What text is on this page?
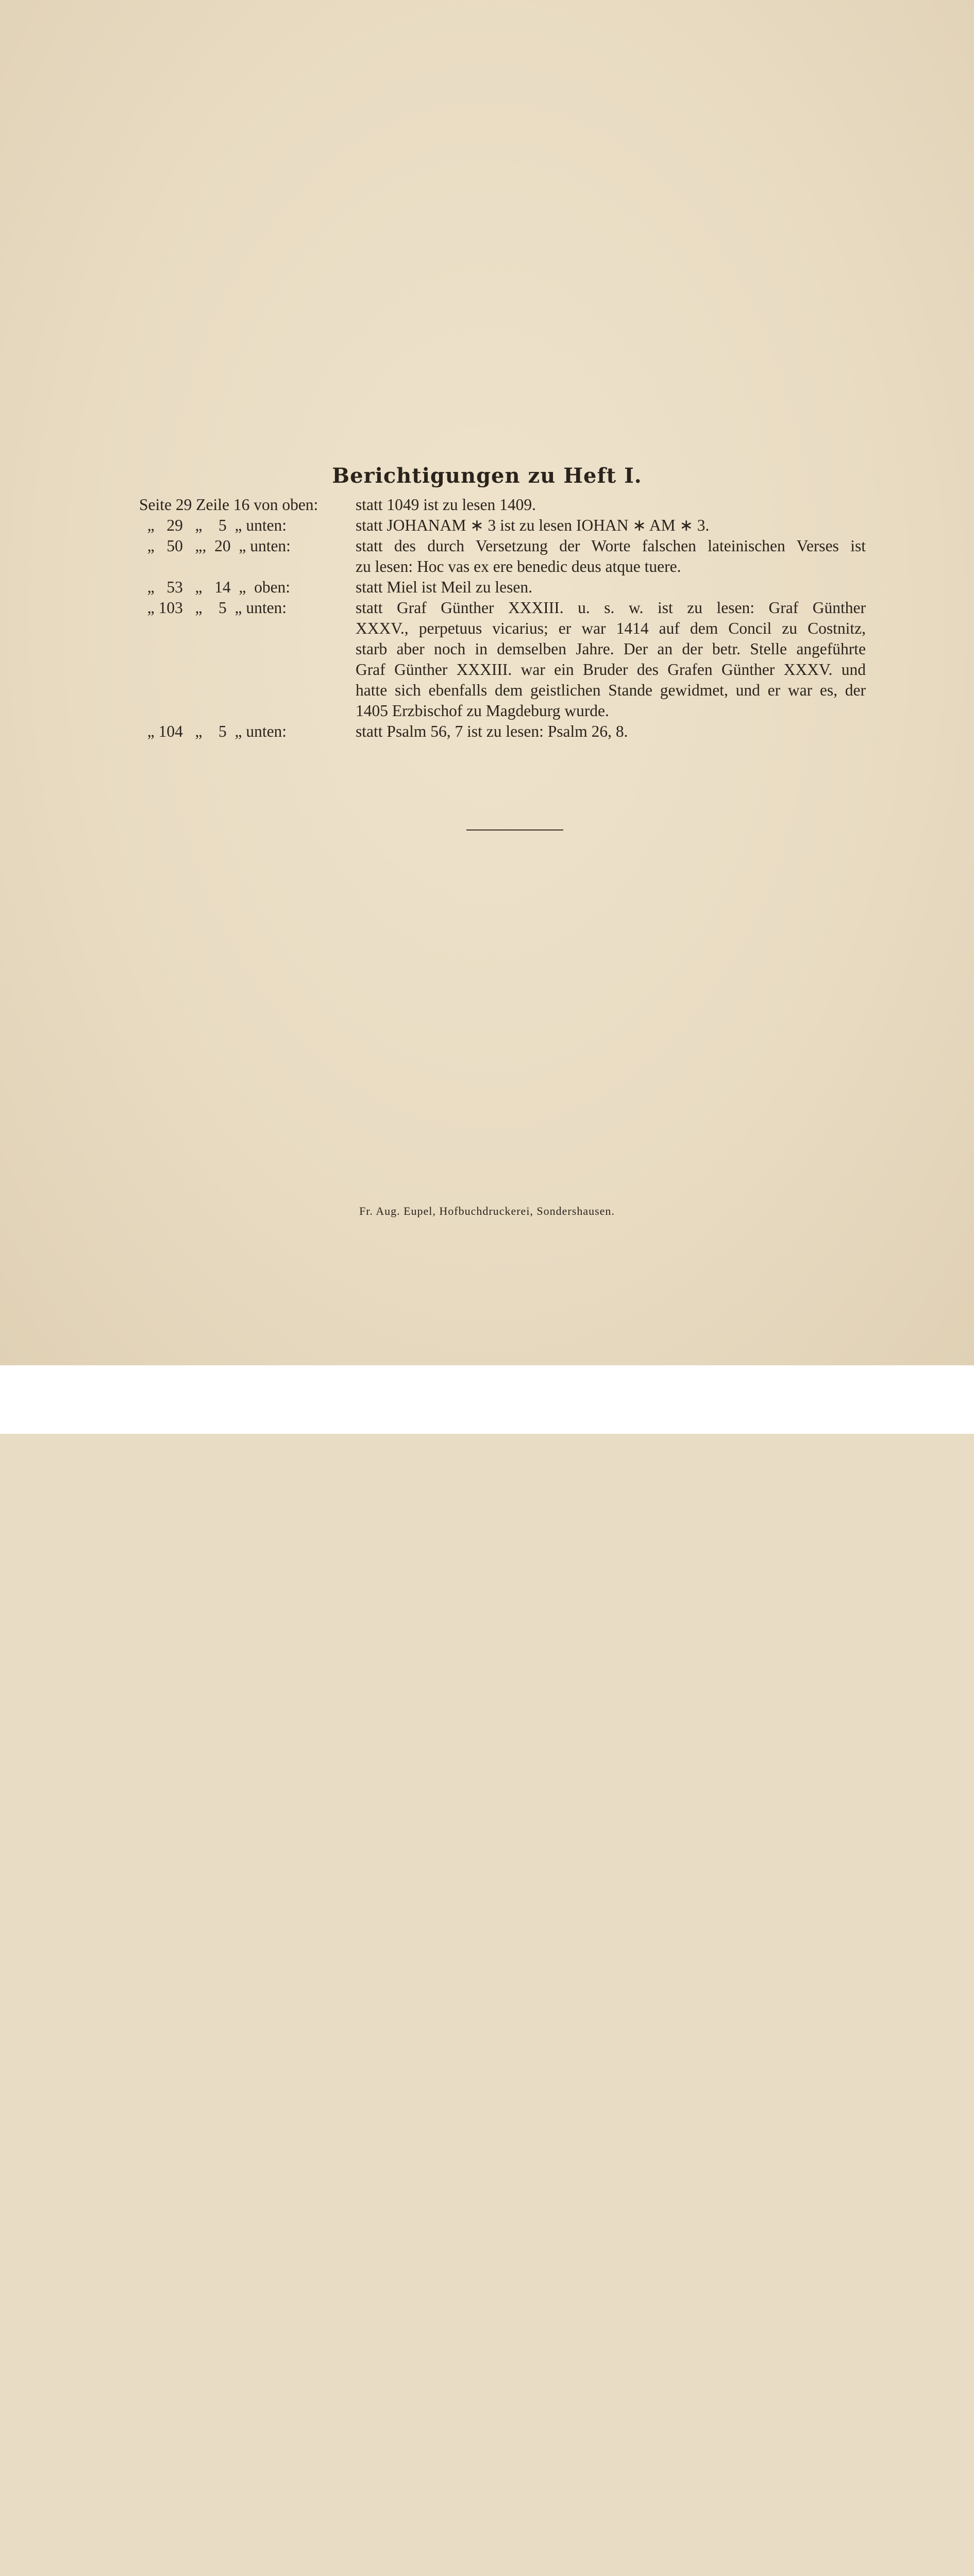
Berichtigungen zu Heft I.
Seite 29 Zeile 16 von oben:	statt 1049 ist zu lesen 1409.
„   29   „    5  „ unten:	statt JOHANAM ∗ 3 ist zu lesen IOHAN ∗ AM ∗ 3.
„   50   „,  20  „ unten:	statt des durch Versetzung der Worte falschen lateinischen Verses ist
zu lesen: Hoc vas ex ere benedic deus atque tuere.
„   53   „   14  „  oben:	statt Miel ist Meil zu lesen.
„ 103   „    5  „ unten:	statt Graf Günther XXXIII. u. s. w. ist zu lesen: Graf Günther
XXXV., perpetuus vicarius; er war 1414 auf dem Concil zu Costnitz,
starb aber noch in demselben Jahre. Der an der betr. Stelle angeführte
Graf Günther XXXIII. war ein Bruder des Grafen Günther XXXV. und
hatte sich ebenfalls dem geistlichen Stande gewidmet, und er war es, der
1405 Erzbischof zu Magdeburg wurde.
„ 104   „    5  „ unten:	statt Psalm 56, 7 ist zu lesen: Psalm 26, 8.
Fr. Aug. Eupel, Hofbuchdruckerei, Sondershausen.
